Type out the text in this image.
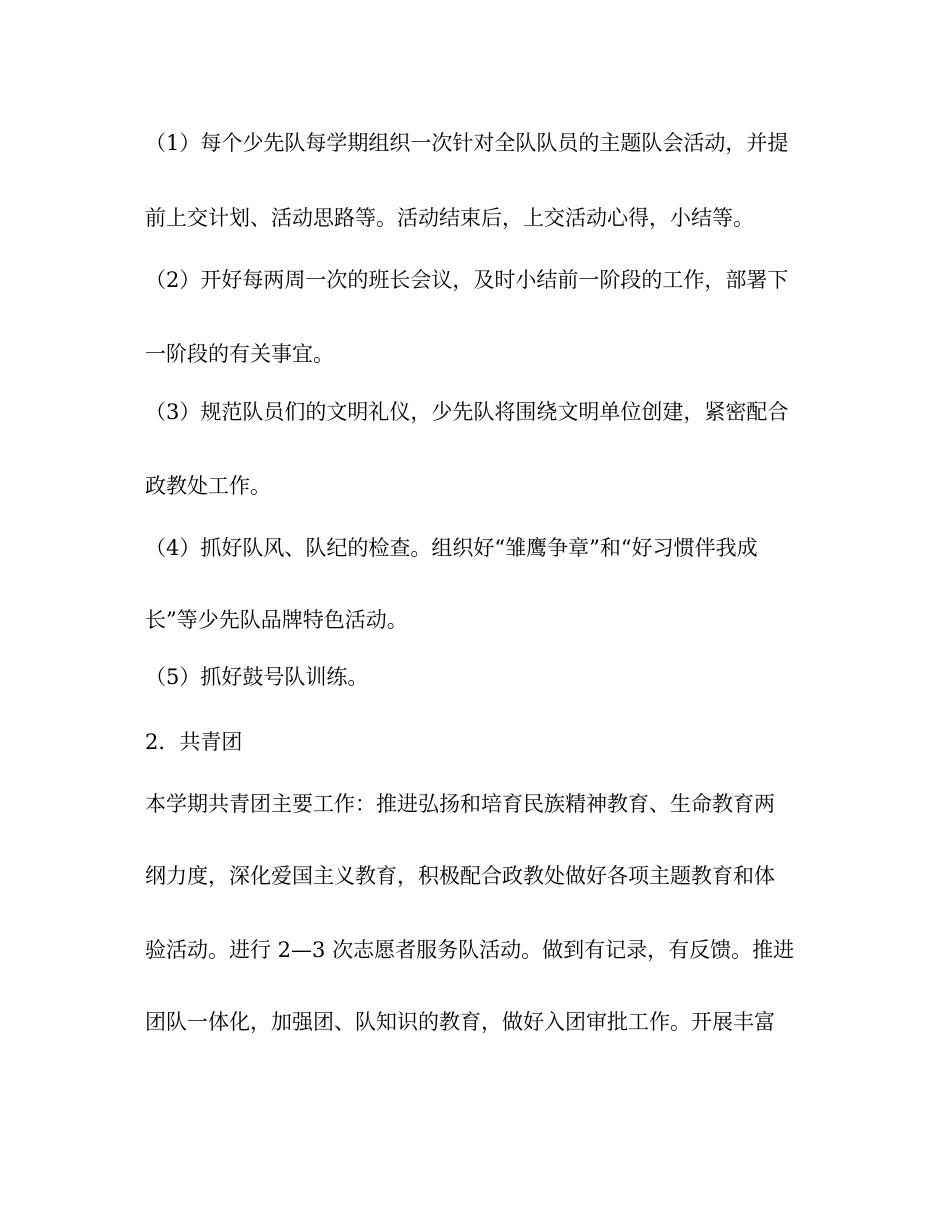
（1）每个少先队每学期组织一次针对全队队员的主题队会活动，并提

前上交计划、活动思路等。活动结束后，上交活动心得，小结等。

（2）开好每两周一次的班长会议，及时小结前一阶段的工作，部署下

一阶段的有关事宜。

（3）规范队员们的文明礼仪，少先队将围绕文明单位创建，紧密配合

政教处工作。

（4）抓好队风、队纪的检查。组织好“雏鹰争章”和“好习惯伴我成

长”等少先队品牌特色活动。

（5）抓好鼓号队训练。

2．共青团

本学期共青团主要工作：推进弘扬和培育民族精神教育、生命教育两

纲力度，深化爱国主义教育，积极配合政教处做好各项主题教育和体

验活动。进行 2—3 次志愿者服务队活动。做到有记录，有反馈。推进

团队一体化，加强团、队知识的教育，做好入团审批工作。开展丰富
